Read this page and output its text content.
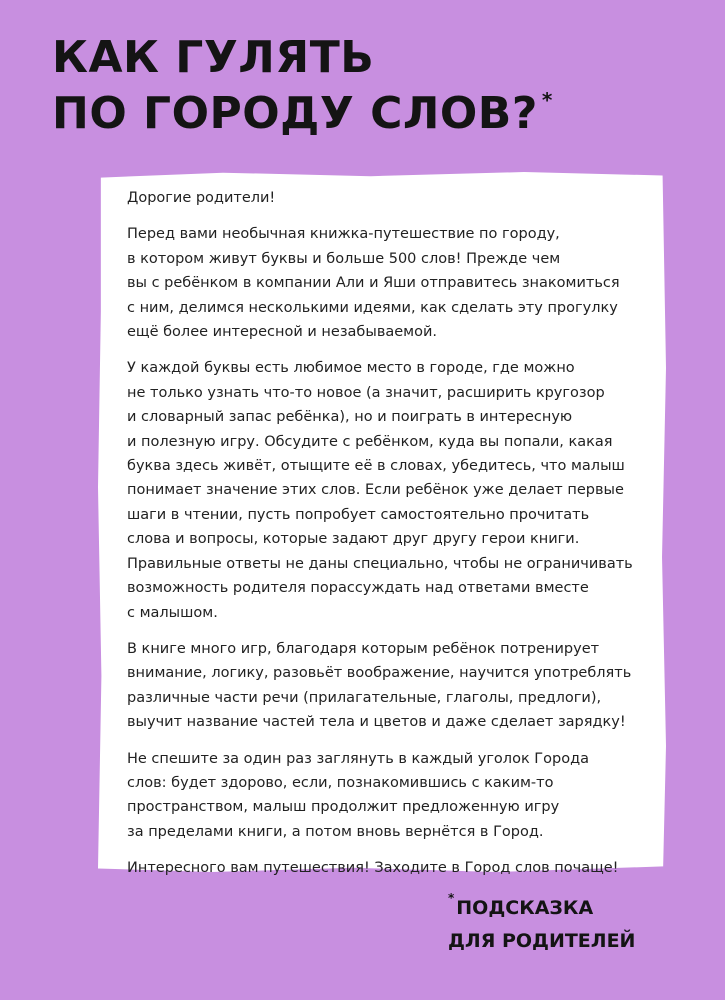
КАК ГУЛЯТЬ
ПО ГОРОДУ СЛОВ? *

Дорогие родители!

Перед вами необычная книжка-путешествие по городу,
в котором живут буквы и больше 500 слов! Прежде чем
вы с ребёнком в компании Али и Яши отправитесь знакомиться
с ним, делимся несколькими идеями, как сделать эту прогулку
ещё более интересной и незабываемой.

У каждой буквы есть любимое место в городе, где можно
не только узнать что-то новое (а значит, расширить кругозор
и словарный запас ребёнка), но и поиграть в интересную
и полезную игру. Обсудите с ребёнком, куда вы попали, какая
буква здесь живёт, отыщите её в словах, убедитесь, что малыш
понимает значение этих слов. Если ребёнок уже делает первые
шаги в чтении, пусть попробует самостоятельно прочитать
слова и вопросы, которые задают друг другу герои книги.
Правильные ответы не даны специально, чтобы не ограничивать
возможность родителя порассуждать над ответами вместе
с малышом.

В книге много игр, благодаря которым ребёнок потренирует
внимание, логику, разовьёт воображение, научится употреблять
различные части речи (прилагательные, глаголы, предлоги),
выучит название частей тела и цветов и даже сделает зарядку!

Не спешите за один раз заглянуть в каждый уголок Города
слов: будет здорово, если, познакомившись с каким-то
пространством, малыш продолжит предложенную игру
за пределами книги, а потом вновь вернётся в Город.

Интересного вам путешествия! Заходите в Город слов почаще!

* ПОДСКАЗКА
ДЛЯ РОДИТЕЛЕЙ
